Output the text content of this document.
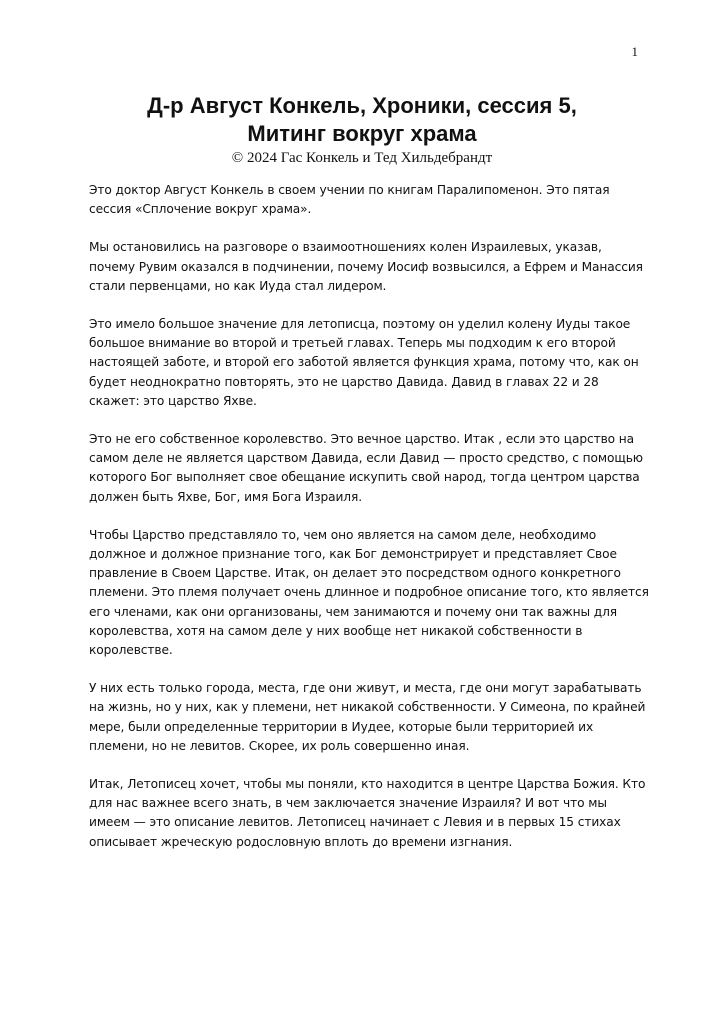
1

Д-р Август Конкель, Хроники, сессия 5,

Митинг вокруг храма

© 2024 Гас Конкель и Тед Хильдебрандт

Это доктор Август Конкель в своем учении по книгам Паралипоменон. Это пятая сессия «Сплочение вокруг храма».

Мы остановились на разговоре о взаимоотношениях колен Израилевых, указав, почему Рувим оказался в подчинении, почему Иосиф возвысился, а Ефрем и Манассия стали первенцами, но как Иуда стал лидером.

Это имело большое значение для летописца, поэтому он уделил колену Иуды такое большое внимание во второй и третьей главах. Теперь мы подходим к его второй настоящей заботе, и второй его заботой является функция храма, потому что, как он будет неоднократно повторять, это не царство Давида. Давид в главах 22 и 28 скажет: это царство Яхве.

Это не его собственное королевство. Это вечное царство. Итак , если это царство на самом деле не является царством Давида, если Давид — просто средство, с помощью которого Бог выполняет свое обещание искупить свой народ, тогда центром царства должен быть Яхве, Бог, имя Бога Израиля.

Чтобы Царство представляло то, чем оно является на самом деле, необходимо должное и должное признание того, как Бог демонстрирует и представляет Свое правление в Своем Царстве. Итак, он делает это посредством одного конкретного племени. Это племя получает очень длинное и подробное описание того, кто является его членами, как они организованы, чем занимаются и почему они так важны для королевства, хотя на самом деле у них вообще нет никакой собственности в королевстве.

У них есть только города, места, где они живут, и места, где они могут зарабатывать на жизнь, но у них, как у племени, нет никакой собственности. У Симеона, по крайней мере, были определенные территории в Иудее, которые были территорией их племени, но не левитов. Скорее, их роль совершенно иная.

Итак, Летописец хочет, чтобы мы поняли, кто находится в центре Царства Божия. Кто для нас важнее всего знать, в чем заключается значение Израиля? И вот что мы имеем — это описание левитов. Летописец начинает с Левия и в первых 15 стихах описывает жреческую родословную вплоть до времени изгнания.
